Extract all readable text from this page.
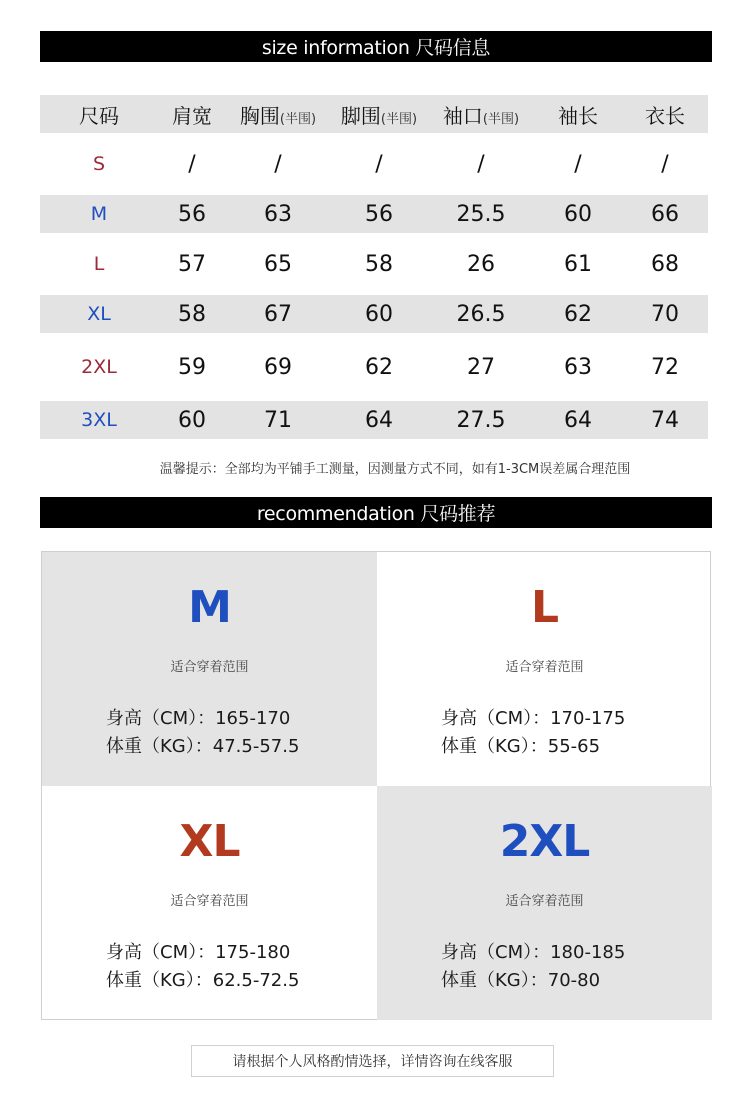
size information 尺码信息
尺码	肩宽	胸围(半围)	脚围(半围)	袖口(半围)	袖长	衣长
S	/	/	/	/	/	/
M	56	63	56	25.5	60	66
L	57	65	58	26	61	68
XL	58	67	60	26.5	62	70
2XL	59	69	62	27	63	72
3XL	60	71	64	27.5	64	74
温馨提示：全部均为平铺手工测量，因测量方式不同，如有1-3CM误差属合理范围
recommendation 尺码推荐
M
适合穿着范围
身高（CM）：165-170
体重（KG）：47.5-57.5
L
适合穿着范围
身高（CM）：170-175
体重（KG）：55-65
XL
适合穿着范围
身高（CM）：175-180
体重（KG）：62.5-72.5
2XL
适合穿着范围
身高（CM）：180-185
体重（KG）：70-80
请根据个人风格酌情选择，详情咨询在线客服
